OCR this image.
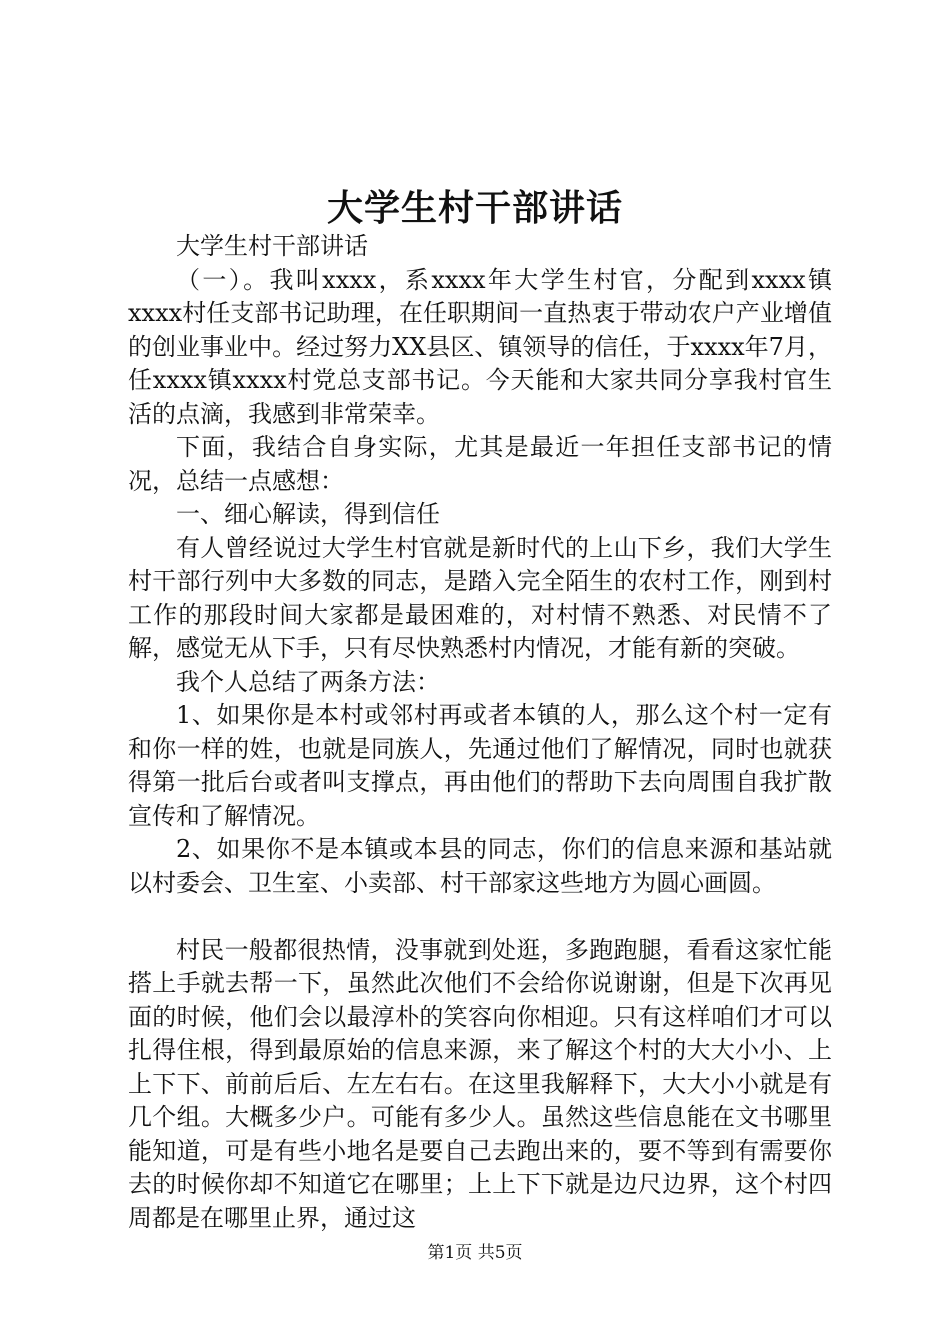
大学生村干部讲话

大学生村干部讲话

（一）。我叫xxxx，系xxxx年大学生村官，分配到xxxx镇xxxx村任支部书记助理，在任职期间一直热衷于带动农户产业增值的创业事业中。经过努力XX县区、镇领导的信任，于xxxx年7月，任xxxx镇xxxx村党总支部书记。今天能和大家共同分享我村官生活的点滴，我感到非常荣幸。

下面，我结合自身实际，尤其是最近一年担任支部书记的情况，总结一点感想：

一、细心解读，得到信任

有人曾经说过大学生村官就是新时代的上山下乡，我们大学生村干部行列中大多数的同志，是踏入完全陌生的农村工作，刚到村工作的那段时间大家都是最困难的，对村情不熟悉、对民情不了解，感觉无从下手，只有尽快熟悉村内情况，才能有新的突破。

我个人总结了两条方法：

1、如果你是本村或邻村再或者本镇的人，那么这个村一定有和你一样的姓，也就是同族人，先通过他们了解情况，同时也就获得第一批后台或者叫支撑点，再由他们的帮助下去向周围自我扩散宣传和了解情况。

2、如果你不是本镇或本县的同志，你们的信息来源和基站就以村委会、卫生室、小卖部、村干部家这些地方为圆心画圆。

村民一般都很热情，没事就到处逛，多跑跑腿，看看这家忙能搭上手就去帮一下，虽然此次他们不会给你说谢谢，但是下次再见面的时候，他们会以最淳朴的笑容向你相迎。只有这样咱们才可以扎得住根，得到最原始的信息来源，来了解这个村的大大小小、上上下下、前前后后、左左右右。在这里我解释下，大大小小就是有几个组。大概多少户。可能有多少人。虽然这些信息能在文书哪里能知道，可是有些小地名是要自己去跑出来的，要不等到有需要你去的时候你却不知道它在哪里；上上下下就是边尺边界，这个村四周都是在哪里止界，通过这

第1页 共5页
